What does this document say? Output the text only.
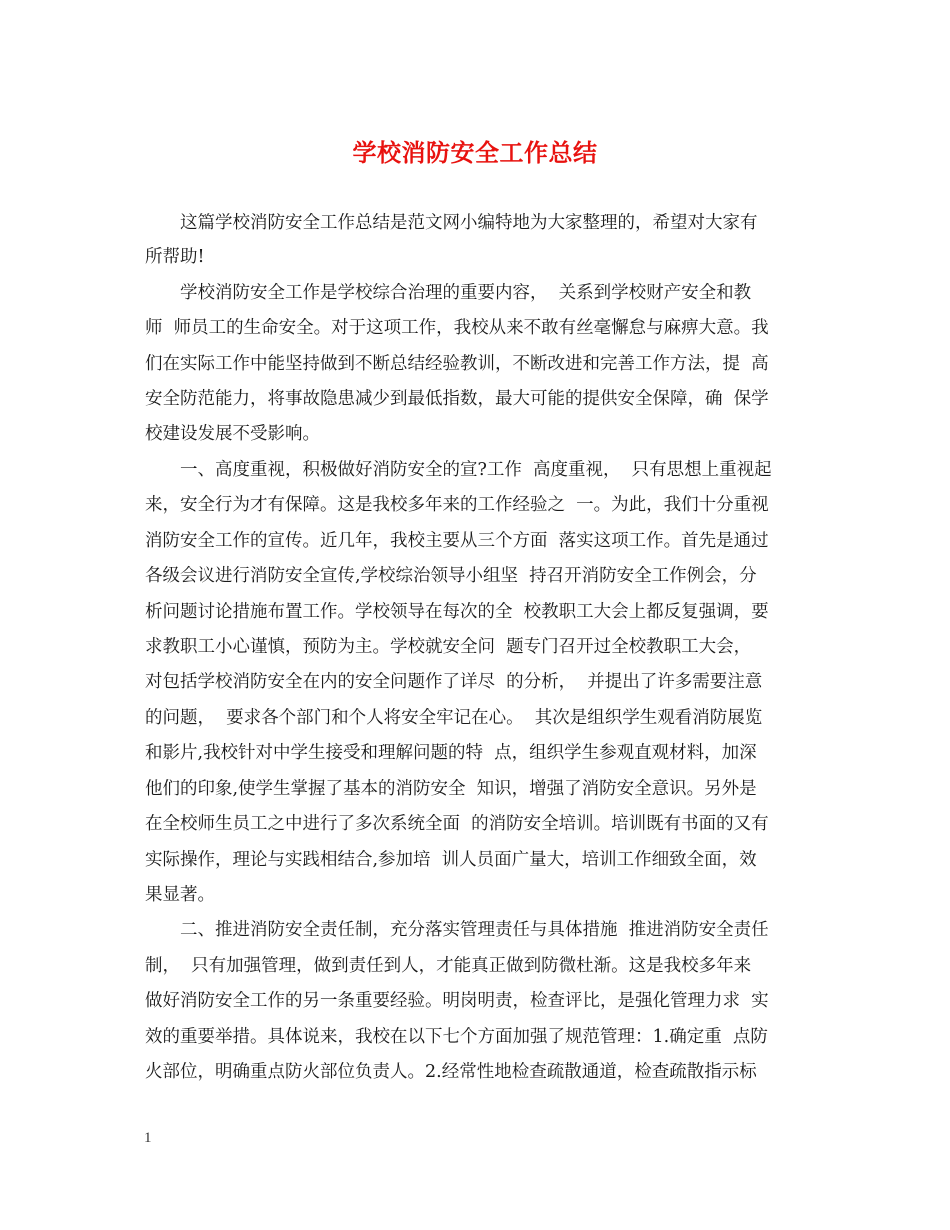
学校消防安全工作总结

这篇学校消防安全工作总结是范文网小编特地为大家整理的，希望对大家有

所帮助!

学校消防安全工作是学校综合治理的重要内容，  关系到学校财产安全和教

师  师员工的生命安全。对于这项工作，我校从来不敢有丝毫懈怠与麻痹大意。我

们在实际工作中能坚持做到不断总结经验教训，不断改进和完善工作方法，提  高

安全防范能力，将事故隐患减少到最低指数，最大可能的提供安全保障，确  保学

校建设发展不受影响。

一、高度重视，积极做好消防安全的宣?工作  高度重视，  只有思想上重视起

来，安全行为才有保障。这是我校多年来的工作经验之  一。为此，我们十分重视

消防安全工作的宣传。近几年，我校主要从三个方面  落实这项工作。首先是通过

各级会议进行消防安全宣传,学校综治领导小组坚  持召开消防安全工作例会，分

析问题讨论措施布置工作。学校领导在每次的全  校教职工大会上都反复强调，要

求教职工小心谨慎，预防为主。学校就安全问  题专门召开过全校教职工大会，

对包括学校消防安全在内的安全问题作了详尽  的分析，  并提出了许多需要注意

的问题，  要求各个部门和个人将安全牢记在心。  其次是组织学生观看消防展览

和影片,我校针对中学生接受和理解问题的特  点，组织学生参观直观材料，加深

他们的印象,使学生掌握了基本的消防安全  知识，增强了消防安全意识。另外是

在全校师生员工之中进行了多次系统全面  的消防安全培训。培训既有书面的又有

实际操作，理论与实践相结合,参加培  训人员面广量大，培训工作细致全面，效

果显著。

二、推进消防安全责任制，充分落实管理责任与具体措施  推进消防安全责任

制，  只有加强管理，做到责任到人，才能真正做到防微杜渐。这是我校多年来

做好消防安全工作的另一条重要经验。明岗明责，检查评比，是强化管理力求  实

效的重要举措。具体说来，我校在以下七个方面加强了规范管理：1.确定重  点防

火部位，明确重点防火部位负责人。2.经常性地检查疏散通道，检查疏散指示标

1
